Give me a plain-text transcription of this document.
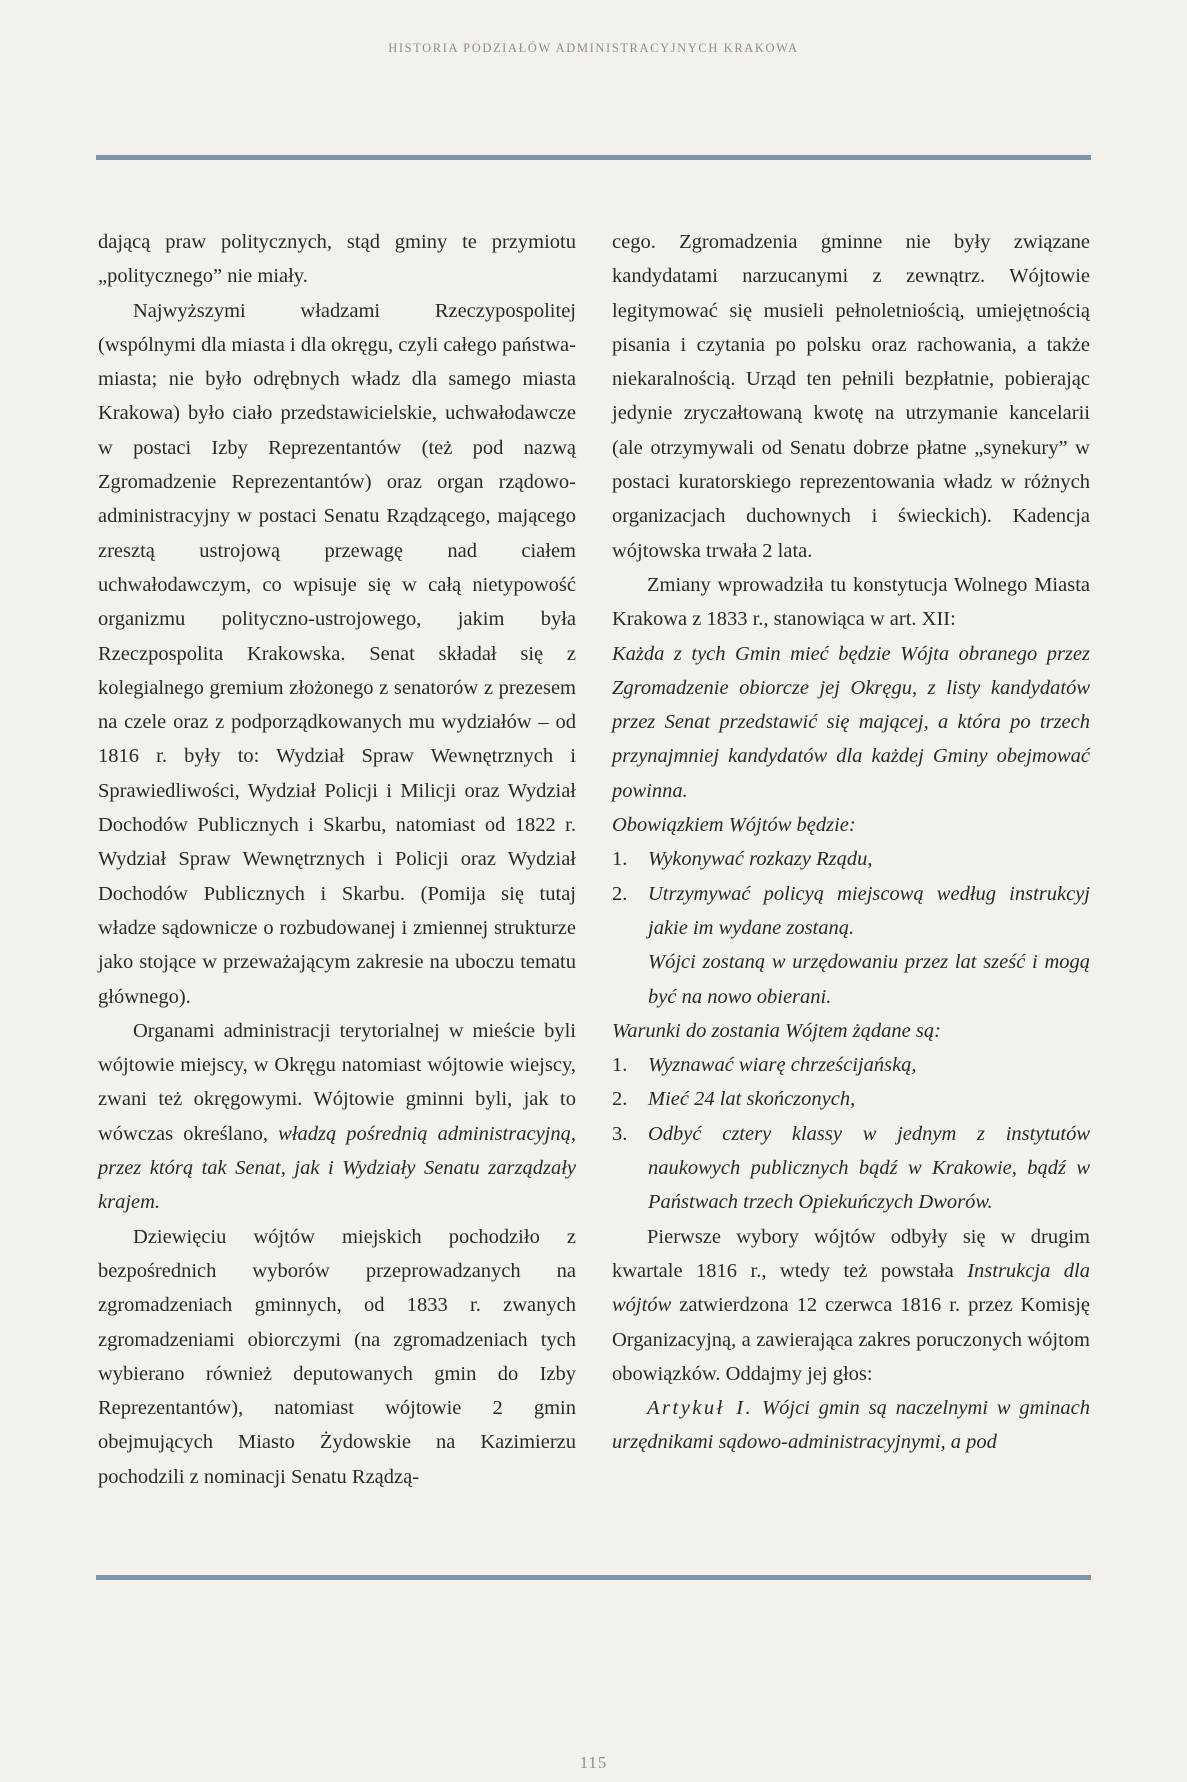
HISTORIA PODZIAŁÓW ADMINISTRACYJNYCH KRAKOWA

dającą praw politycznych, stąd gminy te przymiotu „politycznego” nie miały.

Najwyższymi władzami Rzeczypospolitej (wspólnymi dla miasta i dla okręgu, czyli całego państwa-miasta; nie było odrębnych władz dla samego miasta Krakowa) było ciało przedstawicielskie, uchwałodawcze w postaci Izby Reprezentantów (też pod nazwą Zgromadzenie Reprezentantów) oraz organ rządowo-administracyjny w postaci Senatu Rządzącego, mającego zresztą ustrojową przewagę nad ciałem uchwałodawczym, co wpisuje się w całą nietypowość organizmu polityczno-ustrojowego, jakim była Rzeczpospolita Krakowska. Senat składał się z kolegialnego gremium złożonego z senatorów z prezesem na czele oraz z podporządkowanych mu wydziałów – od 1816 r. były to: Wydział Spraw Wewnętrznych i Sprawiedliwości, Wydział Policji i Milicji oraz Wydział Dochodów Publicznych i Skarbu, natomiast od 1822 r. Wydział Spraw Wewnętrznych i Policji oraz Wydział Dochodów Publicznych i Skarbu. (Pomija się tutaj władze sądownicze o rozbudowanej i zmiennej strukturze jako stojące w przeważającym zakresie na uboczu tematu głównego).

Organami administracji terytorialnej w mieście byli wójtowie miejscy, w Okręgu natomiast wójtowie wiejscy, zwani też okręgowymi. Wójtowie gminni byli, jak to wówczas określano, władzą pośrednią administracyjną, przez którą tak Senat, jak i Wydziały Senatu zarządzały krajem.

Dziewięciu wójtów miejskich pochodziło z bezpośrednich wyborów przeprowadzanych na zgromadzeniach gminnych, od 1833 r. zwanych zgromadzeniami obiorczymi (na zgromadzeniach tych wybierano również deputowanych gmin do Izby Reprezentantów), natomiast wójtowie 2 gmin obejmujących Miasto Żydowskie na Kazimierzu pochodzili z nominacji Senatu Rządzą-

cego. Zgromadzenia gminne nie były związane kandydatami narzucanymi z zewnątrz. Wójtowie legitymować się musieli pełnoletniością, umiejętnością pisania i czytania po polsku oraz rachowania, a także niekaralnością. Urząd ten pełnili bezpłatnie, pobierając jedynie zryczałtowaną kwotę na utrzymanie kancelarii (ale otrzymywali od Senatu dobrze płatne „synekury” w postaci kuratorskiego reprezentowania władz w różnych organizacjach duchownych i świeckich). Kadencja wójtowska trwała 2 lata.

Zmiany wprowadziła tu konstytucja Wolnego Miasta Krakowa z 1833 r., stanowiąca w art. XII:

Każda z tych Gmin mieć będzie Wójta obranego przez Zgromadzenie obiorcze jej Okręgu, z listy kandydatów przez Senat przedstawić się mającej, a która po trzech przynajmniej kandydatów dla każdej Gminy obejmować powinna.

Obowiązkiem Wójtów będzie:

1.	Wykonywać rozkazy Rządu,
2.	Utrzymywać policyą miejscową według instrukcyj jakie im wydane zostaną.

Wójci zostaną w urzędowaniu przez lat sześć i mogą być na nowo obierani.

Warunki do zostania Wójtem żądane są:

1.	Wyznawać wiarę chrześcijańską,
2.	Mieć 24 lat skończonych,
3.	Odbyć cztery klassy w jednym z instytutów naukowych publicznych bądź w Krakowie, bądź w Państwach trzech Opiekuńczych Dworów.

Pierwsze wybory wójtów odbyły się w drugim kwartale 1816 r., wtedy też powstała Instrukcja dla wójtów zatwierdzona 12 czerwca 1816 r. przez Komisję Organizacyjną, a zawierająca zakres poruczonych wójtom obowiązków. Oddajmy jej głos:

Artykuł I. Wójci gmin są naczelnymi w gminach urzędnikami sądowo-administracyjnymi, a pod

115
